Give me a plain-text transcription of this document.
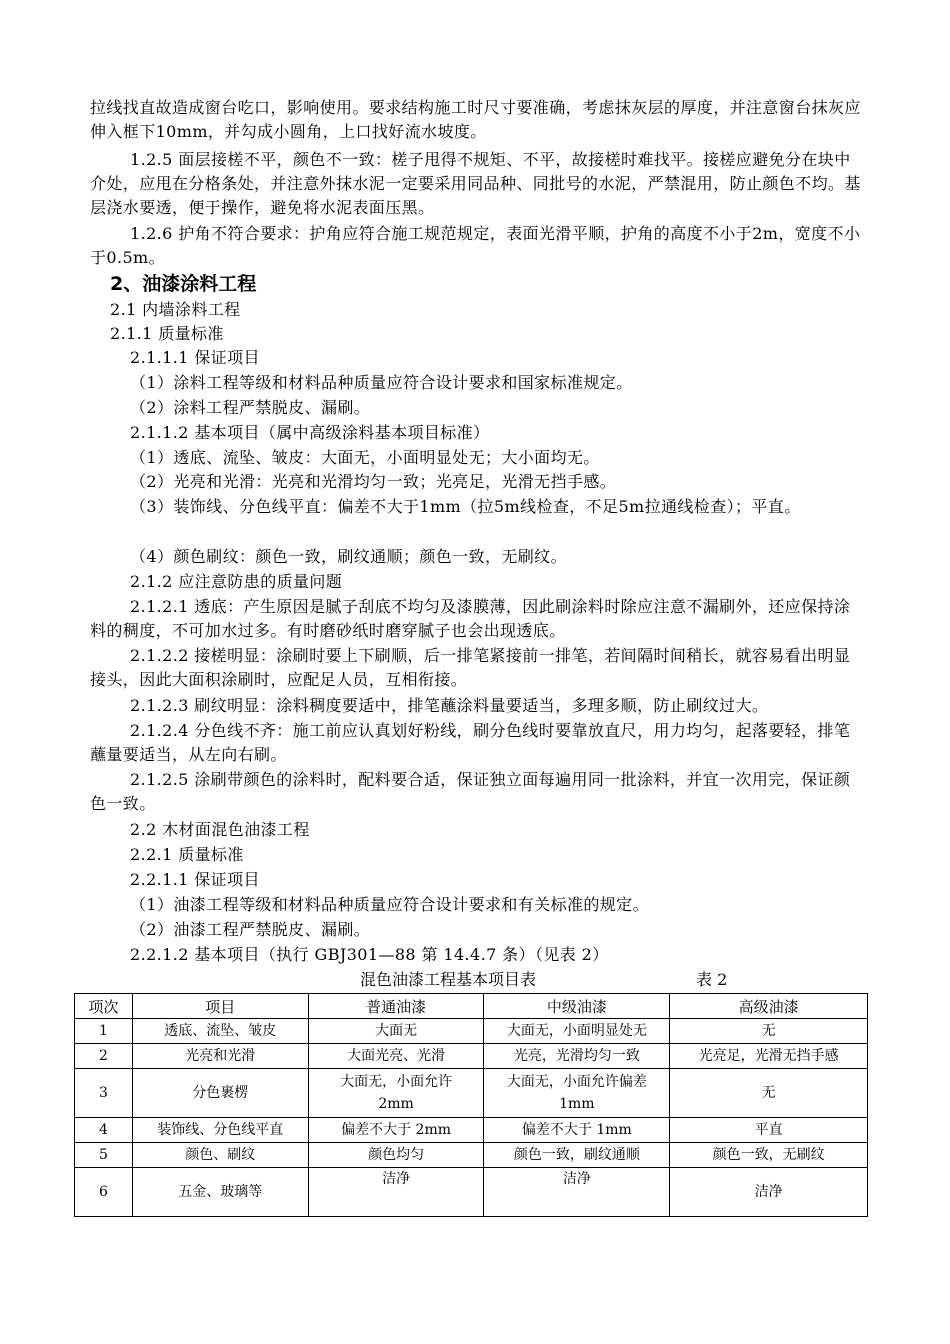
拉线找直故造成窗台吃口，影响使用。要求结构施工时尺寸要准确，考虑抹灰层的厚度，并注意窗台抹灰应伸入框下10mm，并勾成小圆角，上口找好流水坡度。
1.2.5 面层接槎不平，颜色不一致：槎子甩得不规矩、不平，故接槎时难找平。接槎应避免分在块中介处，应甩在分格条处，并注意外抹水泥一定要采用同品种、同批号的水泥，严禁混用，防止颜色不均。基层浇水要透，便于操作，避免将水泥表面压黑。
1.2.6 护角不符合要求：护角应符合施工规范规定，表面光滑平顺，护角的高度不小于2m，宽度不小于0.5m。
2、油漆涂料工程
2.1 内墙涂料工程
2.1.1 质量标准
2.1.1.1 保证项目
（1）涂料工程等级和材料品种质量应符合设计要求和国家标准规定。
（2）涂料工程严禁脱皮、漏刷。
2.1.1.2 基本项目（属中高级涂料基本项目标准）
（1）透底、流坠、皱皮：大面无，小面明显处无；大小面均无。
（2）光亮和光滑：光亮和光滑均匀一致；光亮足，光滑无挡手感。
（3）装饰线、分色线平直：偏差不大于1mm（拉5m线检查，不足5m拉通线检查）；平直。
（4）颜色刷纹：颜色一致，刷纹通顺；颜色一致，无刷纹。
2.1.2 应注意防患的质量问题
2.1.2.1 透底：产生原因是腻子刮底不均匀及漆膜薄，因此刷涂料时除应注意不漏刷外，还应保持涂料的稠度，不可加水过多。有时磨砂纸时磨穿腻子也会出现透底。
2.1.2.2 接槎明显：涂刷时要上下刷顺，后一排笔紧接前一排笔，若间隔时间稍长，就容易看出明显接头，因此大面积涂刷时，应配足人员，互相衔接。
2.1.2.3 刷纹明显：涂料稠度要适中，排笔蘸涂料量要适当，多理多顺，防止刷纹过大。
2.1.2.4 分色线不齐：施工前应认真划好粉线，刷分色线时要靠放直尺，用力均匀，起落要轻，排笔蘸量要适当，从左向右刷。
2.1.2.5 涂刷带颜色的涂料时，配料要合适，保证独立面每遍用同一批涂料，并宜一次用完，保证颜色一致。
2.2 木材面混色油漆工程
2.2.1 质量标准
2.2.1.1 保证项目
（1）油漆工程等级和材料品种质量应符合设计要求和有关标准的规定。
（2）油漆工程严禁脱皮、漏刷。
2.2.1.2 基本项目（执行 GBJ301—88 第 14.4.7 条）（见表 2）
混色油漆工程基本项目表	表 2
项次	项目	普通油漆	中级油漆	高级油漆
1	透底、流坠、皱皮	大面无	大面无，小面明显处无	无
2	光亮和光滑	大面光亮、光滑	光亮，光滑均匀一致	光亮足，光滑无挡手感
3	分色裹楞	大面无，小面允许2mm	大面无，小面允许偏差1mm	无
4	装饰线、分色线平直	偏差不大于 2mm	偏差不大于 1mm	平直
5	颜色、刷纹	颜色均匀	颜色一致，刷纹通顺	颜色一致，无刷纹
6	五金、玻璃等	洁净	洁净	洁净
